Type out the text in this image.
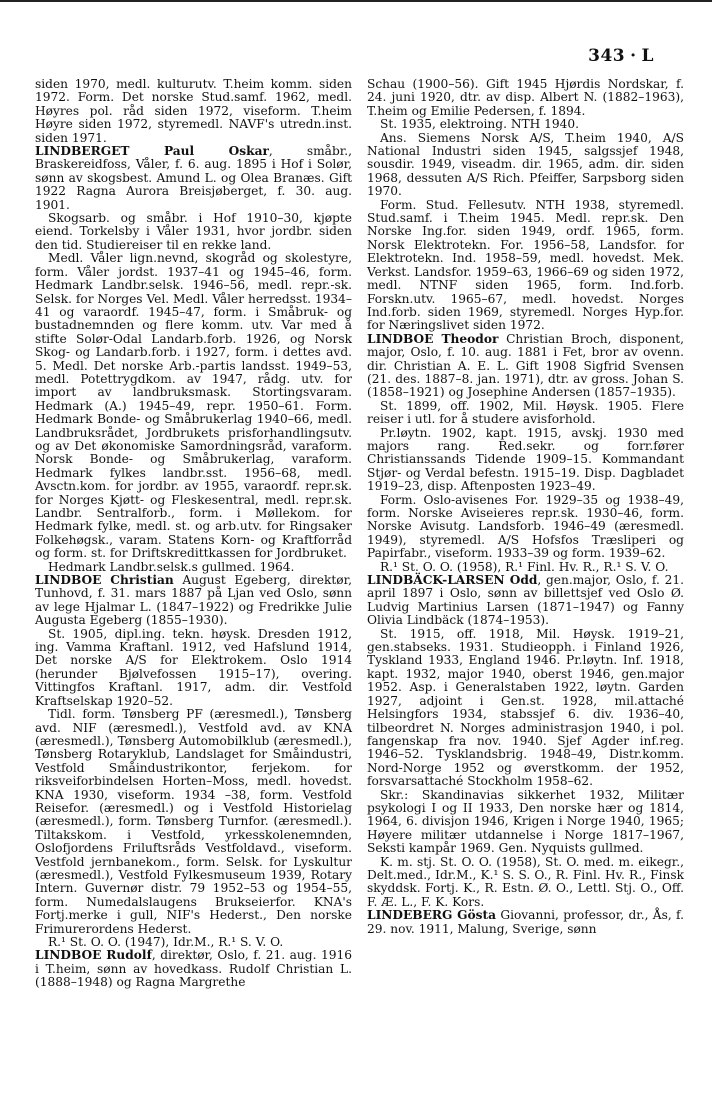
343 · L

siden 1970, medl. kulturutv. T.heim komm. siden 1972. Form. Det norske Stud.samf. 1962, medl. Høyres pol. råd siden 1972, viseform. T.heim Høyre siden 1972, styremedl. NAVF's utredn.inst. siden 1971.

LINDBERGET Paul Oskar, småbr., Braskereidfoss, Våler, f. 6. aug. 1895 i Hof i Solør, sønn av skogsbest. Amund L. og Olea Branæs. Gift 1922 Ragna Aurora Breisjøberget, f. 30. aug. 1901.

Skogsarb. og småbr. i Hof 1910–30, kjøpte eiend. Torkelsby i Våler 1931, hvor jordbr. siden den tid. Studiereiser til en rekke land.

Medl. Våler lign.nevnd, skogråd og skolestyre, form. Våler jordst. 1937–41 og 1945–46, form. Hedmark Landbr.selsk. 1946–56, medl. repr.-sk. Selsk. for Norges Vel. Medl. Våler herredsst. 1934–41 og varaordf. 1945–47, form. i Småbruk- og bustadnemnden og flere komm. utv. Var med å stifte Solør-Odal Landarb.forb. 1926, og Norsk Skog- og Landarb.forb. i 1927, form. i dettes avd. 5. Medl. Det norske Arb.-partis landsst. 1949–53, medl. Potettrygdkom. av 1947, rådg. utv. for import av landbruksmask. Stortingsvaram. Hedmark (A.) 1945–49, repr. 1950–61. Form. Hedmark Bonde- og Småbrukerlag 1940–66, medl. Landbruksrådet, Jordbrukets prisforhandlingsutv. og av Det økonomiske Samordningsråd, varaform. Norsk Bonde- og Småbrukerlag, varaform. Hedmark fylkes landbr.sst. 1956–68, medl. Avsctn.kom. for jordbr. av 1955, varaordf. repr.sk. for Norges Kjøtt- og Fleskesentral, medl. repr.sk. Landbr. Sentralforb., form. i Møllekom. for Hedmark fylke, medl. st. og arb.utv. for Ringsaker Folkehøgsk., varam. Statens Korn- og Kraftforråd og form. st. for Driftskredittkassen for Jordbruket.

Hedmark Landbr.selsk.s gullmed. 1964.

LINDBOE Christian August Egeberg, direktør, Tunhovd, f. 31. mars 1887 på Ljan ved Oslo, sønn av lege Hjalmar L. (1847–1922) og Fredrikke Julie Augusta Egeberg (1855–1930).

St. 1905, dipl.ing. tekn. høysk. Dresden 1912, ing. Vamma Kraftanl. 1912, ved Hafslund 1914, Det norske A/S for Elektrokem. Oslo 1914 (herunder Bjølvefossen 1915–17), overing. Vittingfos Kraftanl. 1917, adm. dir. Vestfold Kraftselskap 1920–52.

Tidl. form. Tønsberg PF (æresmedl.), Tønsberg avd. NIF (æresmedl.), Vestfold avd. av KNA (æresmedl.), Tønsberg Automobilklub (æresmedl.), Tønsberg Rotaryklub, Landslaget for Småindustri, Vestfold Småindustrikontor, ferjekom. for riksveiforbindelsen Horten–Moss, medl. hovedst. KNA 1930, viseform. 1934 –38, form. Vestfold Reisefor. (æresmedl.) og i Vestfold Historielag (æresmedl.), form. Tønsberg Turnfor. (æresmedl.). Tiltakskom. i Vestfold, yrkesskolenemnden, Oslofjordens Friluftsråds Vestfoldavd., viseform. Vestfold jernbanekom., form. Selsk. for Lyskultur (æresmedl.), Vestfold Fylkesmuseum 1939, Rotary Intern. Guvernør distr. 79 1952–53 og 1954–55, form. Numedalslaugens Brukseierfor. KNA's Fortj.merke i gull, NIF's Hederst., Den norske Frimurerordens Hederst.

R.¹ St. O. O. (1947), Idr.M., R.¹ S. V. O.

LINDBOE Rudolf, direktør, Oslo, f. 21. aug. 1916 i T.heim, sønn av hovedkass. Rudolf Christian L. (1888–1948) og Ragna Margrethe

Schau (1900–56). Gift 1945 Hjørdis Nordskar, f. 24. juni 1920, dtr. av disp. Albert N. (1882–1963), T.heim og Emilie Pedersen, f. 1894.

St. 1935, elektroing. NTH 1940.

Ans. Siemens Norsk A/S, T.heim 1940, A/S National Industri siden 1945, salgssjef 1948, sousdir. 1949, viseadm. dir. 1965, adm. dir. siden 1968, dessuten A/S Rich. Pfeiffer, Sarpsborg siden 1970.

Form. Stud. Fellesutv. NTH 1938, styremedl. Stud.samf. i T.heim 1945. Medl. repr.sk. Den Norske Ing.for. siden 1949, ordf. 1965, form. Norsk Elektrotekn. For. 1956–58, Landsfor. for Elektrotekn. Ind. 1958–59, medl. hovedst. Mek. Verkst. Landsfor. 1959–63, 1966–69 og siden 1972, medl. NTNF siden 1965, form. Ind.forb. Forskn.utv. 1965–67, medl. hovedst. Norges Ind.forb. siden 1969, styremedl. Norges Hyp.for. for Næringslivet siden 1972.

LINDBOE Theodor Christian Broch, disponent, major, Oslo, f. 10. aug. 1881 i Fet, bror av ovenn. dir. Christian A. E. L. Gift 1908 Sigfrid Svensen (21. des. 1887–8. jan. 1971), dtr. av gross. Johan S. (1858–1921) og Josephine Andersen (1857–1935).

St. 1899, off. 1902, Mil. Høysk. 1905. Flere reiser i utl. for å studere avisforhold.

Pr.løytn. 1902, kapt. 1915, avskj. 1930 med majors rang. Red.sekr. og forr.fører Christianssands Tidende 1909–15. Kommandant Stjør- og Verdal befestn. 1915–19. Disp. Dagbladet 1919–23, disp. Aftenposten 1923–49.

Form. Oslo-avisenes For. 1929–35 og 1938–49, form. Norske Aviseieres repr.sk. 1930–46, form. Norske Avisutg. Landsforb. 1946–49 (æresmedl. 1949), styremedl. A/S Hofsfos Træsliperi og Papirfabr., viseform. 1933–39 og form. 1939–62.

R.¹ St. O. O. (1958), R.¹ Finl. Hv. R., R.¹ S. V. O.

LINDBÄCK-LARSEN Odd, gen.major, Oslo, f. 21. april 1897 i Oslo, sønn av billettsjef ved Oslo Ø. Ludvig Martinius Larsen (1871–1947) og Fanny Olivia Lindbäck (1874–1953).

St. 1915, off. 1918, Mil. Høysk. 1919–21, gen.stabseks. 1931. Studieopph. i Finland 1926, Tyskland 1933, England 1946. Pr.løytn. Inf. 1918, kapt. 1932, major 1940, oberst 1946, gen.major 1952. Asp. i Generalstaben 1922, løytn. Garden 1927, adjoint i Gen.st. 1928, mil.attaché Helsingfors 1934, stabssjef 6. div. 1936–40, tilbeordret N. Norges administrasjon 1940, i pol. fangenskap fra nov. 1940. Sjef Agder inf.reg. 1946–52. Tysklandsbrig. 1948–49, Distr.komm. Nord-Norge 1952 og øverstkomm. der 1952, forsvarsattaché Stockholm 1958–62.

Skr.: Skandinavias sikkerhet 1932, Militær psykologi I og II 1933, Den norske hær og 1814, 1964, 6. divisjon 1946, Krigen i Norge 1940, 1965; Høyere militær utdannelse i Norge 1817–1967, Seksti kampår 1969. Gen. Nyquists gullmed.

K. m. stj. St. O. O. (1958), St. O. med. m. eikegr., Delt.med., Idr.M., K.¹ S. S. O., R. Finl. Hv. R., Finsk skyddsk. Fortj. K., R. Estn. Ø. O., Lettl. Stj. O., Off. F. Æ. L., F. K. Kors.

LINDEBERG Gösta Giovanni, professor, dr., Ås, f. 29. nov. 1911, Malung, Sverige, sønn
